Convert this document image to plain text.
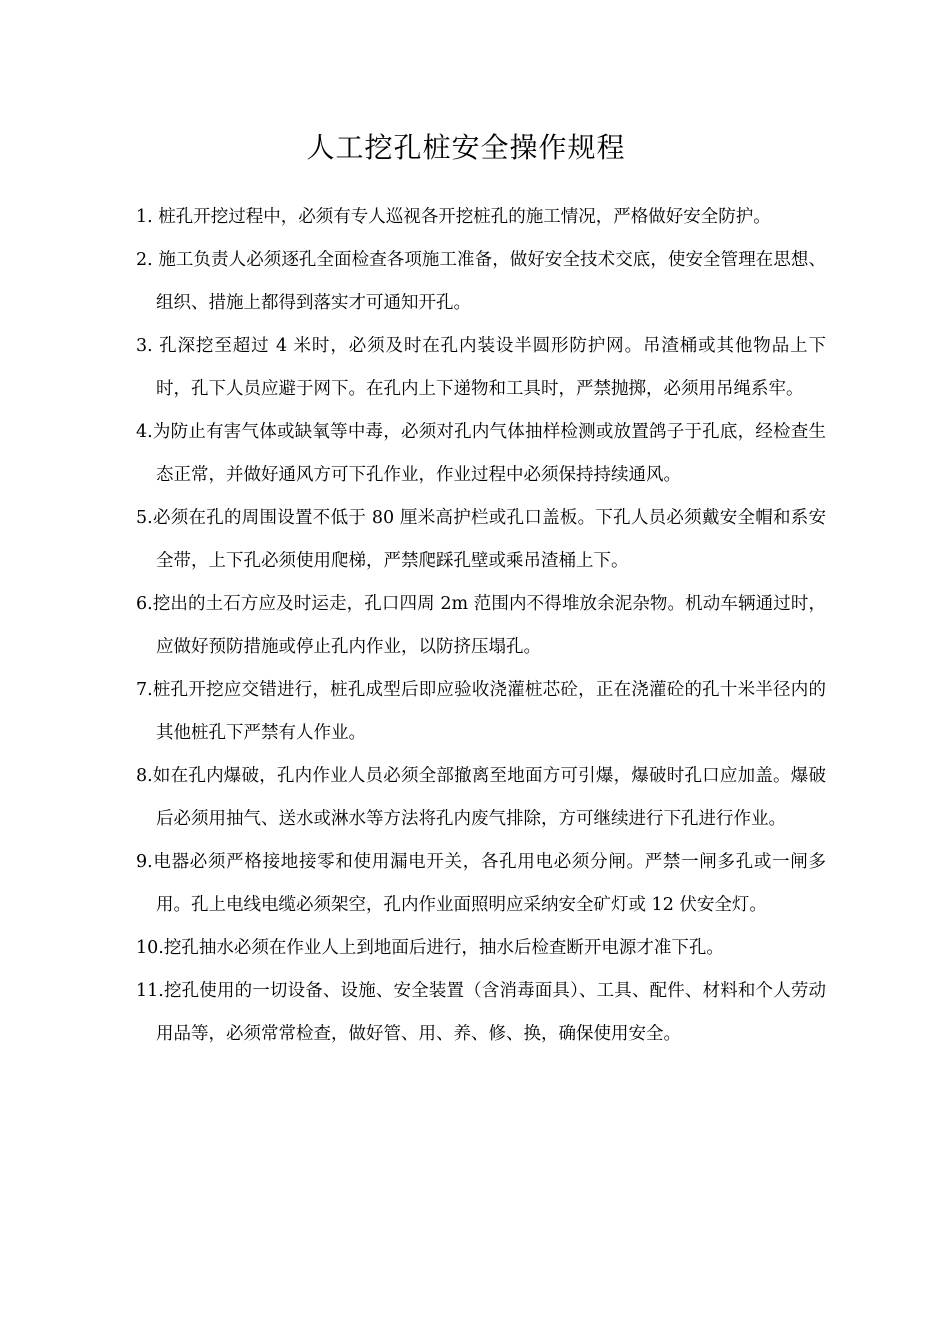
人工挖孔桩安全操作规程

1. 桩孔开挖过程中，必须有专人巡视各开挖桩孔的施工情况，严格做好安全防护。

2. 施工负责人必须逐孔全面检查各项施工准备，做好安全技术交底，使安全管理在思想、组织、措施上都得到落实才可通知开孔。

3. 孔深挖至超过 4 米时，必须及时在孔内装设半圆形防护网。吊渣桶或其他物品上下时，孔下人员应避于网下。在孔内上下递物和工具时，严禁抛掷，必须用吊绳系牢。

4.为防止有害气体或缺氧等中毒，必须对孔内气体抽样检测或放置鸽子于孔底，经检查生态正常，并做好通风方可下孔作业，作业过程中必须保持持续通风。

5.必须在孔的周围设置不低于 80 厘米高护栏或孔口盖板。下孔人员必须戴安全帽和系安全带，上下孔必须使用爬梯，严禁爬踩孔壁或乘吊渣桶上下。

6.挖出的土石方应及时运走，孔口四周 2m 范围内不得堆放余泥杂物。机动车辆通过时，应做好预防措施或停止孔内作业，以防挤压塌孔。

7.桩孔开挖应交错进行，桩孔成型后即应验收浇灌桩芯砼，正在浇灌砼的孔十米半径内的其他桩孔下严禁有人作业。

8.如在孔内爆破，孔内作业人员必须全部撤离至地面方可引爆，爆破时孔口应加盖。爆破后必须用抽气、送水或淋水等方法将孔内废气排除，方可继续进行下孔进行作业。

9.电器必须严格接地接零和使用漏电开关，各孔用电必须分闸。严禁一闸多孔或一闸多用。孔上电线电缆必须架空，孔内作业面照明应采纳安全矿灯或 12 伏安全灯。

10.挖孔抽水必须在作业人上到地面后进行，抽水后检查断开电源才准下孔。

11.挖孔使用的一切设备、设施、安全装置（含消毒面具）、工具、配件、材料和个人劳动用品等，必须常常检查，做好管、用、养、修、换，确保使用安全。
